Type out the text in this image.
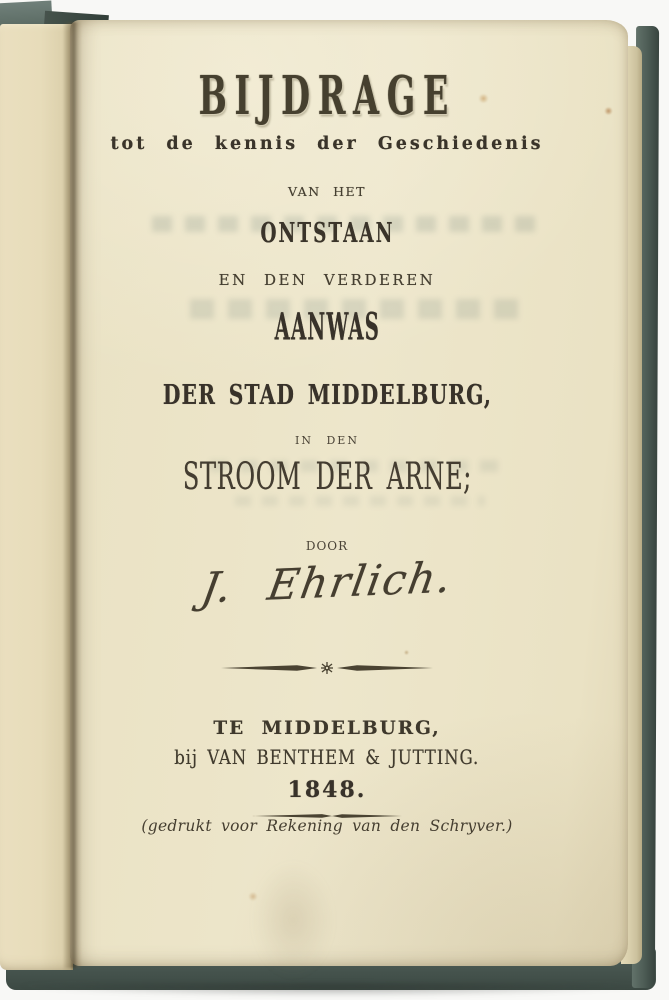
BIJDRAGE
tot de kennis der Geschiedenis
VAN HET
ONTSTAAN
EN DEN VERDEREN
AANWAS
DER STAD MIDDELBURG,
IN DEN
STROOM DER ARNE;
DOOR
J. Ehrlich.
TE MIDDELBURG,
bij VAN BENTHEM & JUTTING.
1848.
(gedrukt voor Rekening van den Schryver.)
